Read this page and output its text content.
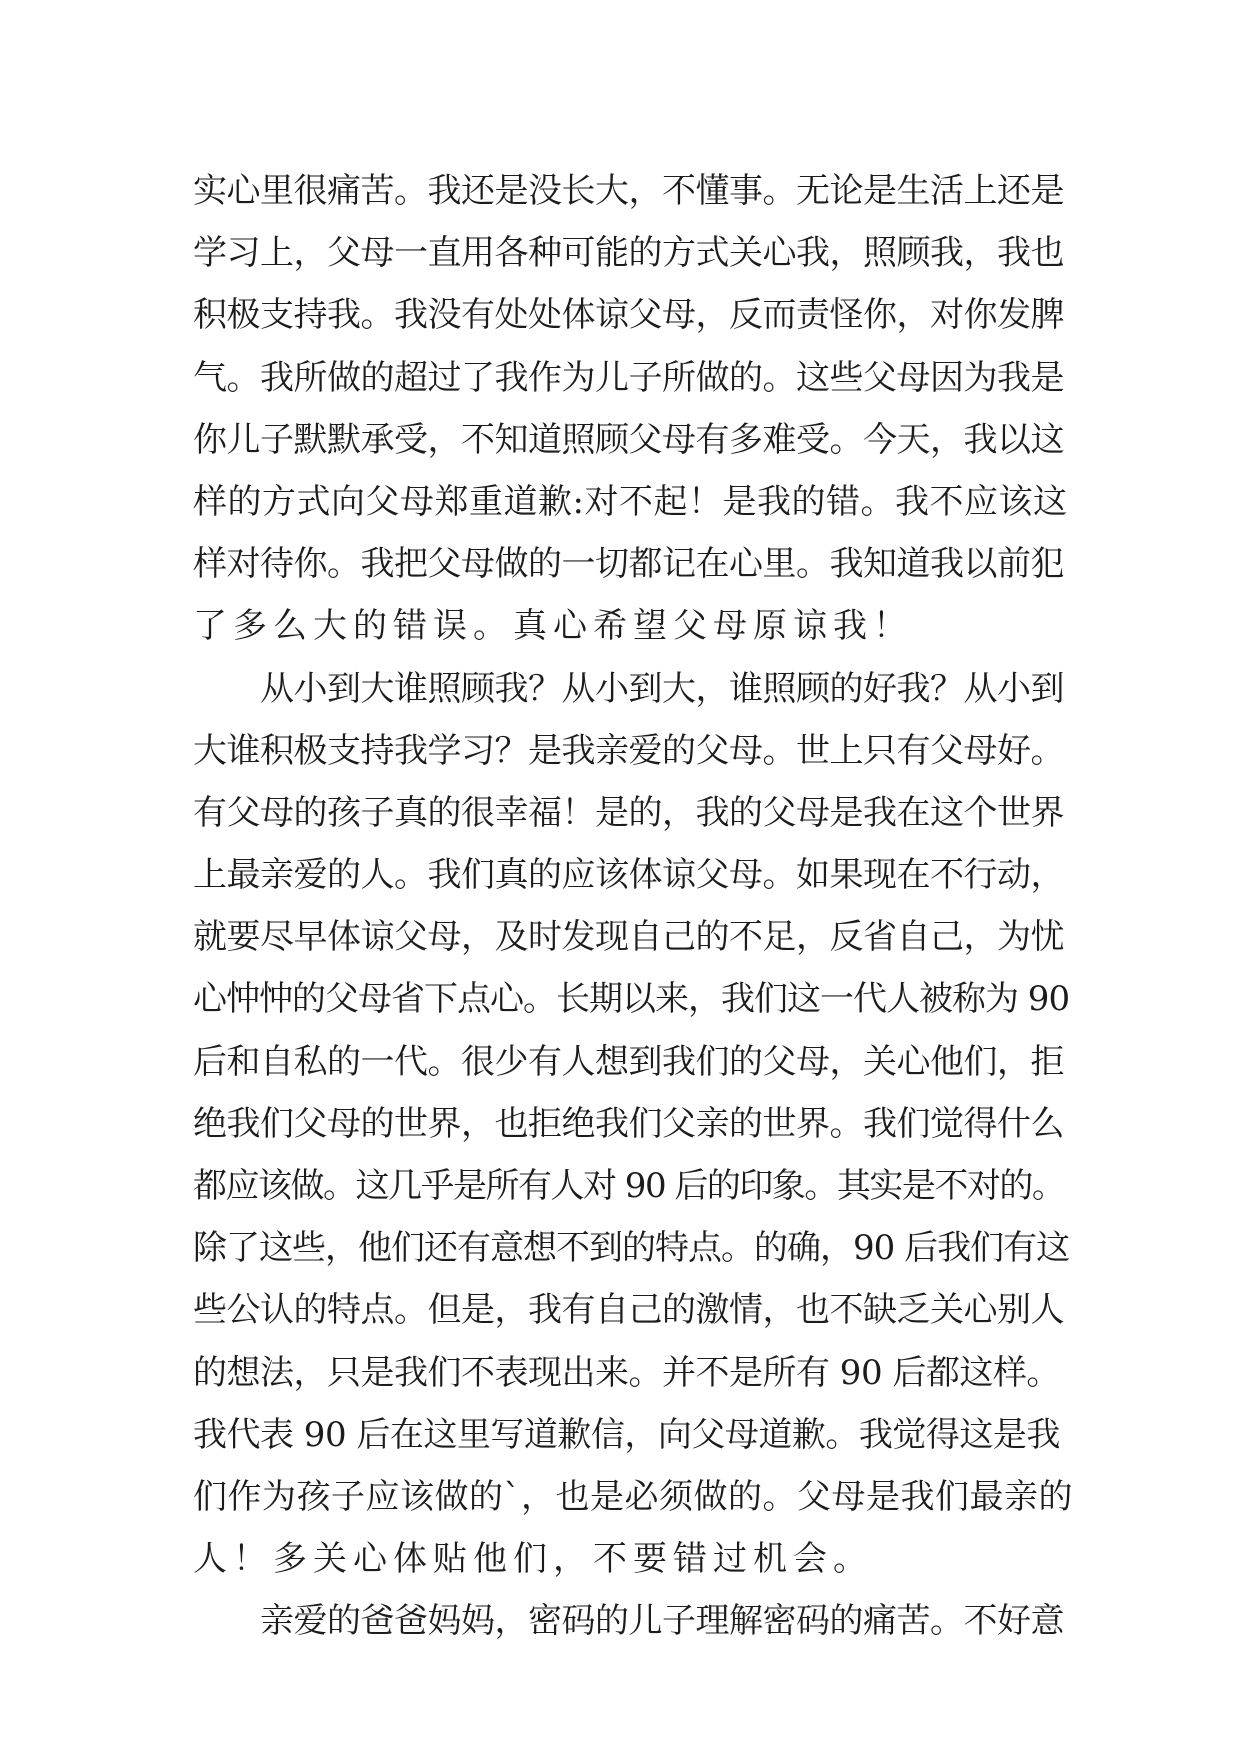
实心里很痛苦。我还是没长大，不懂事。无论是生活上还是
学习上，父母一直用各种可能的方式关心我，照顾我，我也
积极支持我。我没有处处体谅父母，反而责怪你，对你发脾
气。我所做的超过了我作为儿子所做的。这些父母因为我是
你儿子默默承受，不知道照顾父母有多难受。今天，我以这
样的方式向父母郑重道歉:对不起！是我的错。我不应该这
样对待你。我把父母做的一切都记在心里。我知道我以前犯
了多么大的错误。真心希望父母原谅我！
　　从小到大谁照顾我？从小到大，谁照顾的好我？从小到
大谁积极支持我学习？是我亲爱的父母。世上只有父母好。
有父母的孩子真的很幸福！是的，我的父母是我在这个世界
上最亲爱的人。我们真的应该体谅父母。如果现在不行动，
就要尽早体谅父母，及时发现自己的不足，反省自己，为忧
心忡忡的父母省下点心。长期以来，我们这一代人被称为 90
后和自私的一代。很少有人想到我们的父母，关心他们，拒
绝我们父母的世界，也拒绝我们父亲的世界。我们觉得什么
都应该做。这几乎是所有人对 90 后的印象。其实是不对的。
除了这些，他们还有意想不到的特点。的确，90 后我们有这
些公认的特点。但是，我有自己的激情，也不缺乏关心别人
的想法，只是我们不表现出来。并不是所有 90 后都这样。
我代表 90 后在这里写道歉信，向父母道歉。我觉得这是我
们作为孩子应该做的`，也是必须做的。父母是我们最亲的
人！多关心体贴他们，不要错过机会。
　　亲爱的爸爸妈妈，密码的儿子理解密码的痛苦。不好意
